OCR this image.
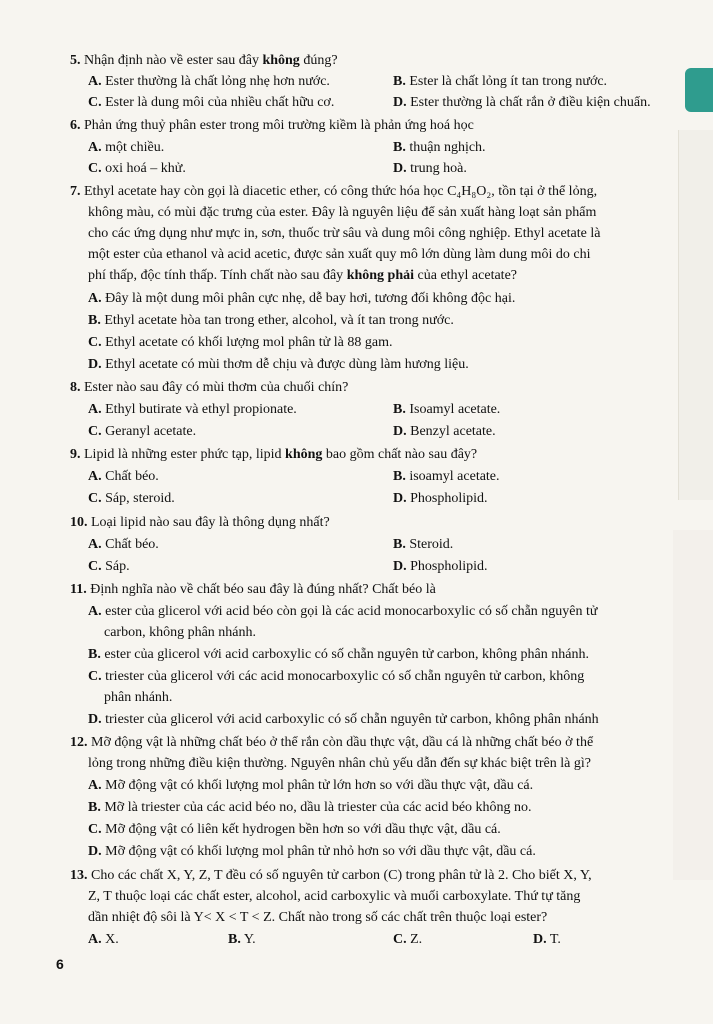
5. Nhận định nào về ester sau đây không đúng?
A. Ester thường là chất lỏng nhẹ hơn nước.	B. Ester là chất lỏng ít tan trong nước.
C. Ester là dung môi của nhiều chất hữu cơ.	D. Ester thường là chất rắn ở điều kiện chuẩn.
6. Phản ứng thuỷ phân ester trong môi trường kiềm là phản ứng hoá học
A. một chiều.	B. thuận nghịch.
C. oxi hoá – khử.	D. trung hoà.
7. Ethyl acetate hay còn gọi là diacetic ether, có công thức hóa học C₄H₈O₂, tồn tại ở thể lỏng,
không màu, có mùi đặc trưng của ester. Đây là nguyên liệu để sản xuất hàng loạt sản phẩm
cho các ứng dụng như mực in, sơn, thuốc trừ sâu và dung môi công nghiệp. Ethyl acetate là
một ester của ethanol và acid acetic, được sản xuất quy mô lớn dùng làm dung môi do chi
phí thấp, độc tính thấp. Tính chất nào sau đây không phải của ethyl acetate?
A. Đây là một dung môi phân cực nhẹ, dễ bay hơi, tương đối không độc hại.
B. Ethyl acetate hòa tan trong ether, alcohol, và ít tan trong nước.
C. Ethyl acetate có khối lượng mol phân tử là 88 gam.
D. Ethyl acetate có mùi thơm dễ chịu và được dùng làm hương liệu.
8. Ester nào sau đây có mùi thơm của chuối chín?
A. Ethyl butirate và ethyl propionate.	B. Isoamyl acetate.
C. Geranyl acetate.	D. Benzyl acetate.
9. Lipid là những ester phức tạp, lipid không bao gồm chất nào sau đây?
A. Chất béo.	B. isoamyl acetate.
C. Sáp, steroid.	D. Phospholipid.
10. Loại lipid nào sau đây là thông dụng nhất?
A. Chất béo.	B. Steroid.
C. Sáp.	D. Phospholipid.
11. Định nghĩa nào về chất béo sau đây là đúng nhất? Chất béo là
A. ester của glicerol với acid béo còn gọi là các acid monocarboxylic có số chẵn nguyên tử
carbon, không phân nhánh.
B. ester của glicerol với acid carboxylic có số chẵn nguyên tử carbon, không phân nhánh.
C. triester của glicerol với các acid monocarboxylic có số chẵn nguyên tử carbon, không
phân nhánh.
D. triester của glicerol với acid carboxylic có số chẵn nguyên tử carbon, không phân nhánh
12. Mỡ động vật là những chất béo ở thể rắn còn dầu thực vật, dầu cá là những chất béo ở thể
lỏng trong những điều kiện thường. Nguyên nhân chủ yếu dẫn đến sự khác biệt trên là gì?
A. Mỡ động vật có khối lượng mol phân tử lớn hơn so với dầu thực vật, dầu cá.
B. Mỡ là triester của các acid béo no, dầu là triester của các acid béo không no.
C. Mỡ động vật có liên kết hydrogen bền hơn so với dầu thực vật, dầu cá.
D. Mỡ động vật có khối lượng mol phân tử nhỏ hơn so với dầu thực vật, dầu cá.
13. Cho các chất X, Y, Z, T đều có số nguyên tử carbon (C) trong phân tử là 2. Cho biết X, Y,
Z, T thuộc loại các chất ester, alcohol, acid carboxylic và muối carboxylate. Thứ tự tăng
dần nhiệt độ sôi là Y< X < T < Z. Chất nào trong số các chất trên thuộc loại ester?
A. X.	B. Y.	C. Z.	D. T.
6
